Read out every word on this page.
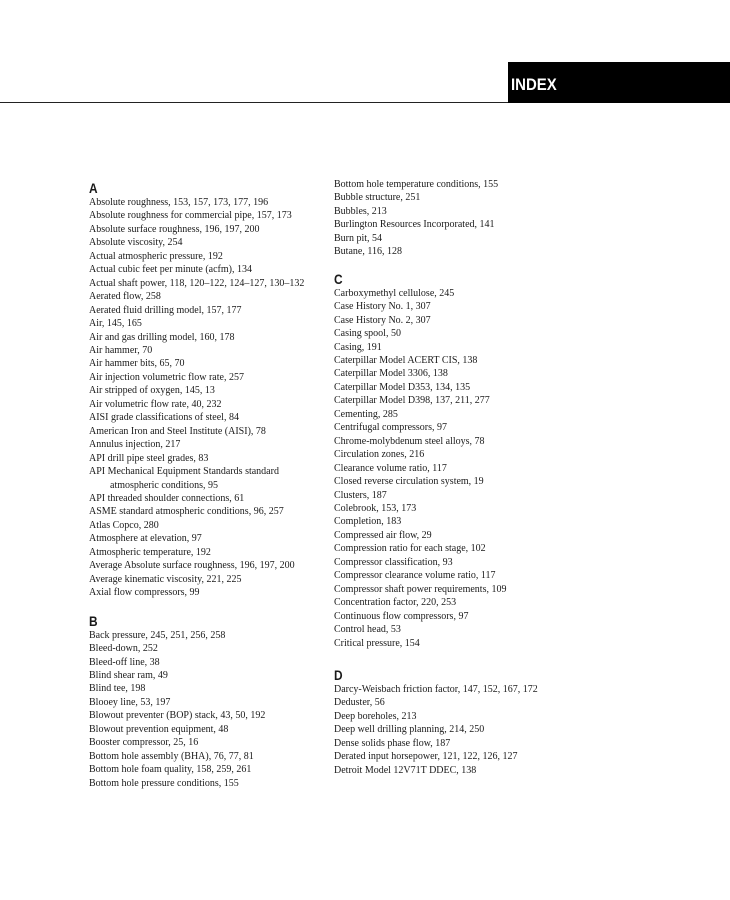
INDEX
A
Absolute roughness, 153, 157, 173, 177, 196
Absolute roughness for commercial pipe, 157, 173
Absolute surface roughness, 196, 197, 200
Absolute viscosity, 254
Actual atmospheric pressure, 192
Actual cubic feet per minute (acfm), 134
Actual shaft power, 118, 120–122, 124–127, 130–132
Aerated flow, 258
Aerated fluid drilling model, 157, 177
Air, 145, 165
Air and gas drilling model, 160, 178
Air hammer, 70
Air hammer bits, 65, 70
Air injection volumetric flow rate, 257
Air stripped of oxygen, 145, 13
Air volumetric flow rate, 40, 232
AISI grade classifications of steel, 84
American Iron and Steel Institute (AISI), 78
Annulus injection, 217
API drill pipe steel grades, 83
API Mechanical Equipment Standards standard atmospheric conditions, 95
API threaded shoulder connections, 61
ASME standard atmospheric conditions, 96, 257
Atlas Copco, 280
Atmosphere at elevation, 97
Atmospheric temperature, 192
Average Absolute surface roughness, 196, 197, 200
Average kinematic viscosity, 221, 225
Axial flow compressors, 99
B
Back pressure, 245, 251, 256, 258
Bleed-down, 252
Bleed-off line, 38
Blind shear ram, 49
Blind tee, 198
Blooey line, 53, 197
Blowout preventer (BOP) stack, 43, 50, 192
Blowout prevention equipment, 48
Booster compressor, 25, 16
Bottom hole assembly (BHA), 76, 77, 81
Bottom hole foam quality, 158, 259, 261
Bottom hole pressure conditions, 155
Bottom hole temperature conditions, 155
Bubble structure, 251
Bubbles, 213
Burlington Resources Incorporated, 141
Burn pit, 54
Butane, 116, 128
C
Carboxymethyl cellulose, 245
Case History No. 1, 307
Case History No. 2, 307
Casing spool, 50
Casing, 191
Caterpillar Model ACERT CIS, 138
Caterpillar Model 3306, 138
Caterpillar Model D353, 134, 135
Caterpillar Model D398, 137, 211, 277
Cementing, 285
Centrifugal compressors, 97
Chrome-molybdenum steel alloys, 78
Circulation zones, 216
Clearance volume ratio, 117
Closed reverse circulation system, 19
Clusters, 187
Colebrook, 153, 173
Completion, 183
Compressed air flow, 29
Compression ratio for each stage, 102
Compressor classification, 93
Compressor clearance volume ratio, 117
Compressor shaft power requirements, 109
Concentration factor, 220, 253
Continuous flow compressors, 97
Control head, 53
Critical pressure, 154
D
Darcy-Weisbach friction factor, 147, 152, 167, 172
Deduster, 56
Deep boreholes, 213
Deep well drilling planning, 214, 250
Dense solids phase flow, 187
Derated input horsepower, 121, 122, 126, 127
Detroit Model 12V71T DDEC, 138
